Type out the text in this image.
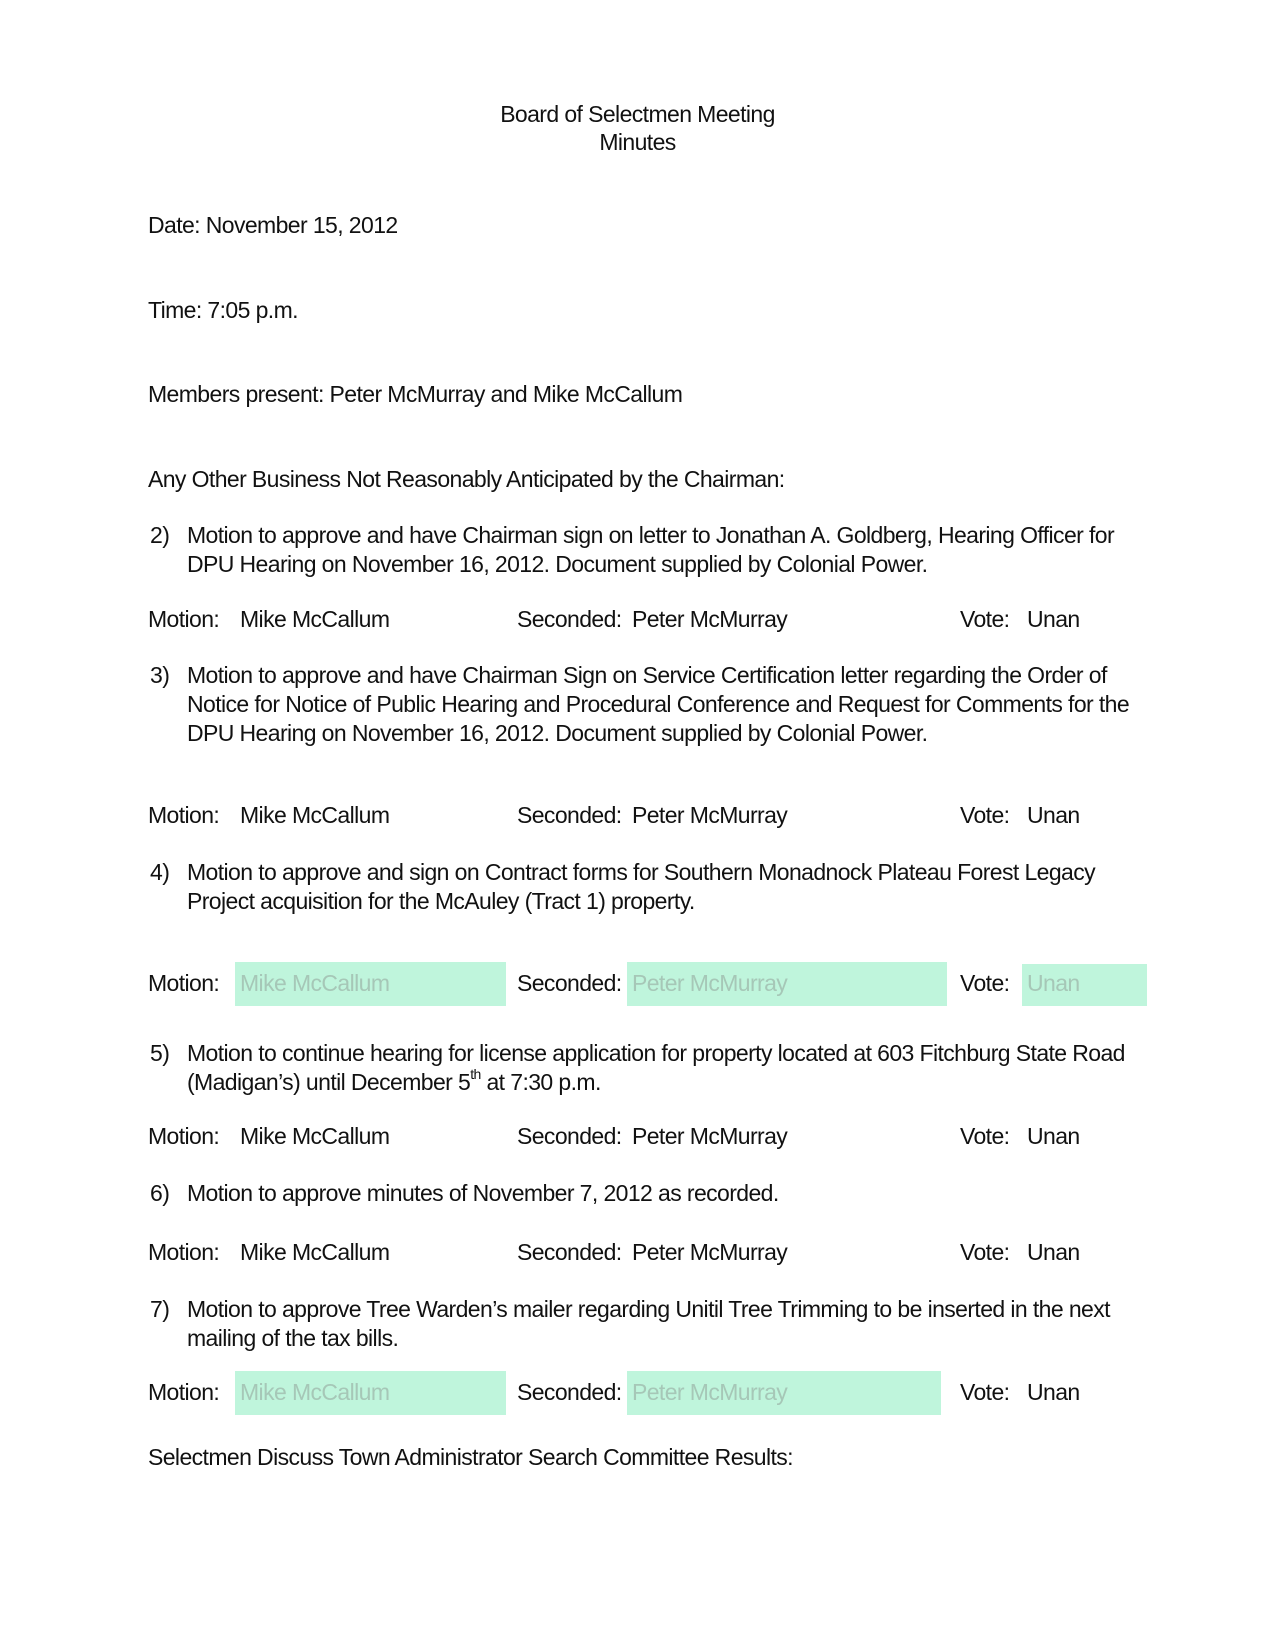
Board of Selectmen Meeting
Minutes
Date: November 15, 2012
Time: 7:05 p.m.
Members present: Peter McMurray and Mike McCallum
Any Other Business Not Reasonably Anticipated by the Chairman:
2) Motion to approve and have Chairman sign on letter to Jonathan A. Goldberg, Hearing Officer for DPU Hearing on November 16, 2012. Document supplied by Colonial Power.
Motion: Mike McCallum	Seconded: Peter McMurray	Vote: Unan
3) Motion to approve and have Chairman Sign on Service Certification letter regarding the Order of Notice for Notice of Public Hearing and Procedural Conference and Request for Comments for the DPU Hearing on November 16, 2012. Document supplied by Colonial Power.
Motion: Mike McCallum	Seconded: Peter McMurray	Vote: Unan
4) Motion to approve and sign on Contract forms for Southern Monadnock Plateau Forest Legacy Project acquisition for the McAuley (Tract 1) property.
Motion: Mike McCallum	Seconded: Peter McMurray	Vote: Unan
5) Motion to continue hearing for license application for property located at 603 Fitchburg State Road (Madigan’s) until December 5th at 7:30 p.m.
Motion: Mike McCallum	Seconded: Peter McMurray	Vote: Unan
6) Motion to approve minutes of November 7, 2012 as recorded.
Motion: Mike McCallum	Seconded: Peter McMurray	Vote: Unan
7) Motion to approve Tree Warden’s mailer regarding Unitil Tree Trimming to be inserted in the next mailing of the tax bills.
Motion: Mike McCallum	Seconded: Peter McMurray	Vote: Unan
Selectmen Discuss Town Administrator Search Committee Results:
